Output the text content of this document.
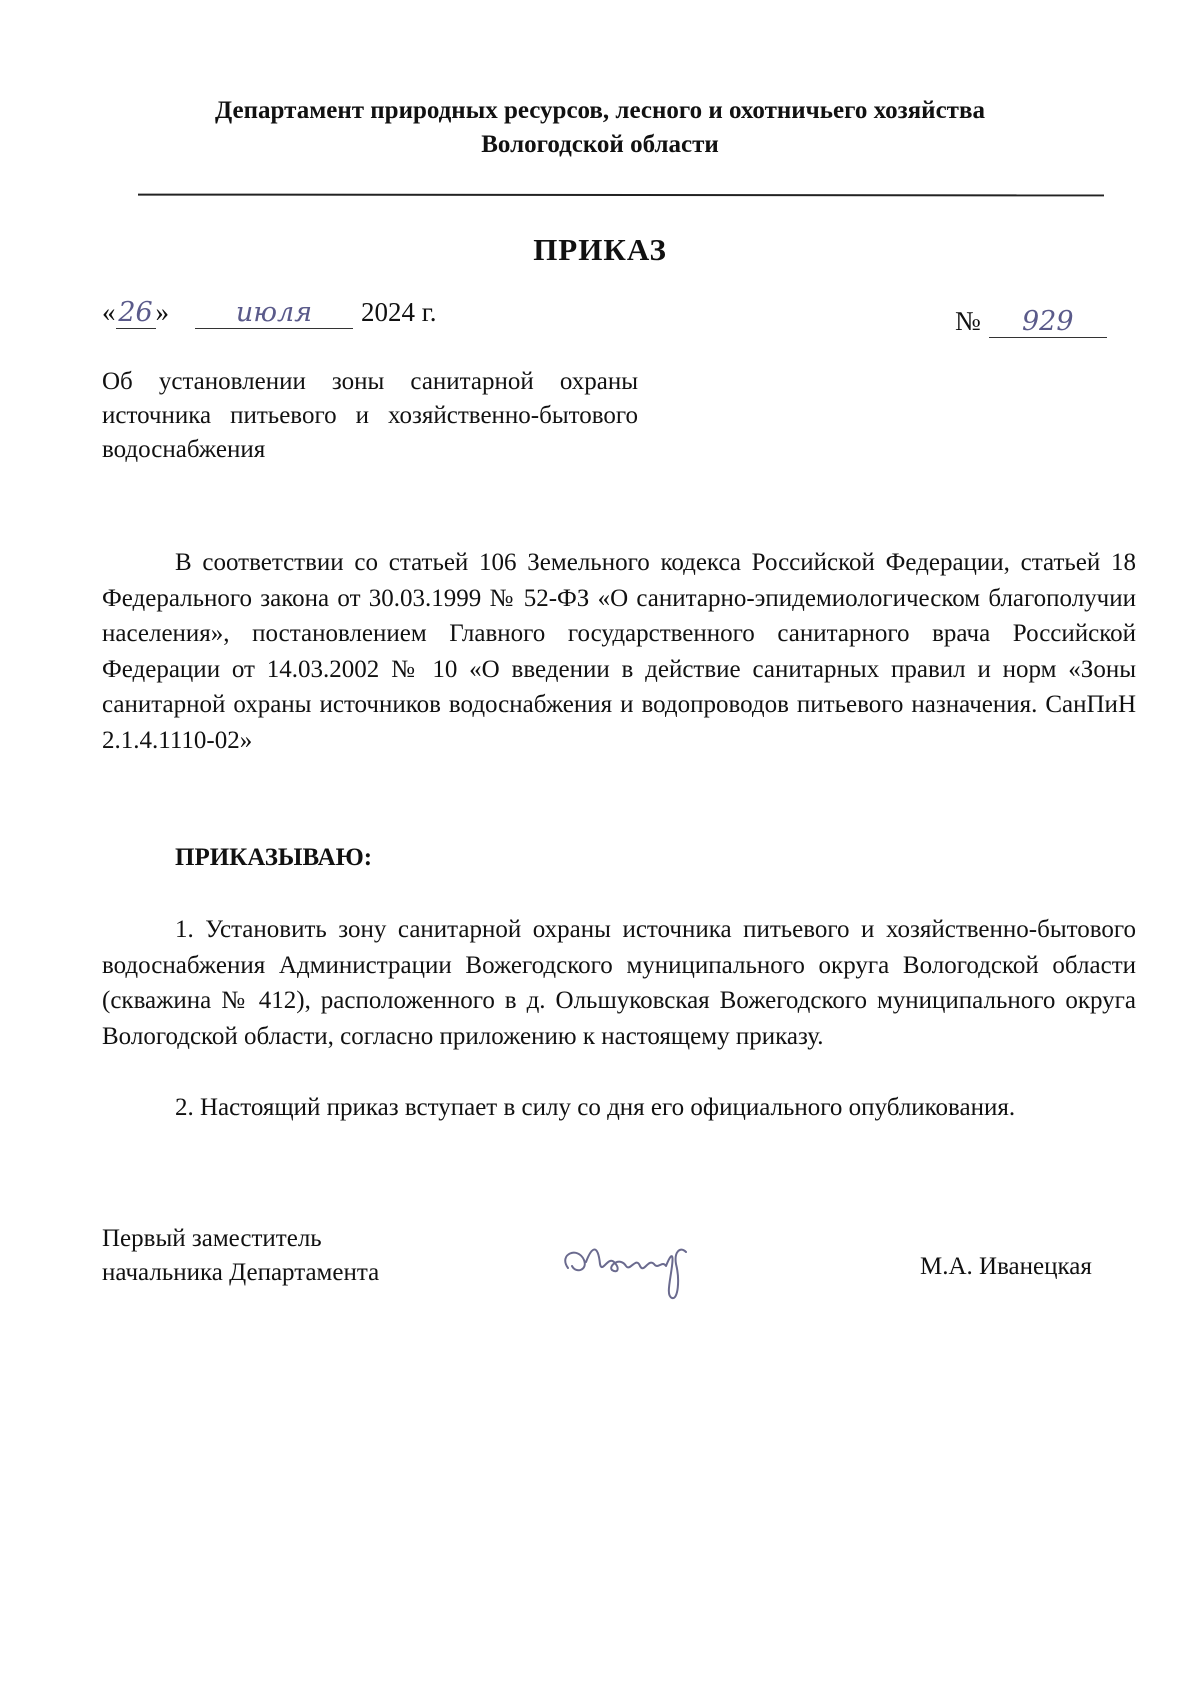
Департамент природных ресурсов, лесного и охотничьего хозяйства
Вологодской области
ПРИКАЗ
« 26 »	июля	2024 г.	№	929
Об установлении зоны санитарной охраны источника питьевого и хозяйственно-бытового водоснабжения
В соответствии со статьей 106 Земельного кодекса Российской Федерации, статьей 18 Федерального закона от 30.03.1999 № 52-ФЗ «О санитарно-эпидемиологическом благополучии населения», постановлением Главного государственного санитарного врача Российской Федерации от 14.03.2002 № 10 «О введении в действие санитарных правил и норм «Зоны санитарной охраны источников водоснабжения и водопроводов питьевого назначения. СанПиН 2.1.4.1110-02»
ПРИКАЗЫВАЮ:
1. Установить зону санитарной охраны источника питьевого и хозяйственно-бытового водоснабжения Администрации Вожегодского муниципального округа Вологодской области (скважина № 412), расположенного в д. Ольшуковская Вожегодского муниципального округа Вологодской области, согласно приложению к настоящему приказу.
2. Настоящий приказ вступает в силу со дня его официального опубликования.
Первый заместитель
начальника Департамента	М.А. Иванецкая
